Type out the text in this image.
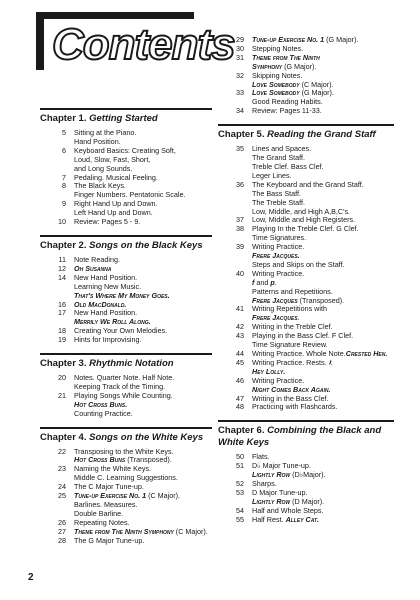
Contents
Chapter 1. Getting Started
5	Sitting at the Piano.
Hand Position.
6	Keyboard Basics: Creating Soft,
Loud, Slow, Fast, Short,
and Long Sounds.
7	Pedaling. Musical Feeling.
8	The Black Keys.
Finger Numbers. Pentatonic Scale.
9	Right Hand Up and Down.
Left Hand Up and Down.
10	Review: Pages 5 - 9.
Chapter 2. Songs on the Black Keys
11	Note Reading.
12	Oh Susanna
14	New Hand Position.
Learning New Music.
That's Where My Money Goes.
16	Old MacDonald.
17	New Hand Position.
Merrily We Roll Along.
18	Creating Your Own Melodies.
19	Hints for Improvising.
Chapter 3. Rhythmic Notation
20	Notes. Quarter Note. Half Note.
Keeping Track of the Timing.
21	Playing Songs While Counting.
Hot Cross Buns.
Counting Practice.
Chapter 4. Songs on the White Keys
22	Transposing to the White Keys.
Hot Cross Buns (Transposed).
23	Naming the White Keys.
Middle C. Learning Suggestions.
24	The C Major Tune-up.
25	Tune-up Exercise No. 1 (C Major).
Barlines. Measures.
Double Barline.
26	Repeating Notes.
27	Theme from The Ninth Symphony (C Major).
28	The G Major Tune-up.
29	Tune-up Exercise No. 1 (G Major).
30	Stepping Notes.
31	Theme from The Ninth
Symphony (G Major).
32	Skipping Notes.
Love Somebody (C Major).
33	Love Somebody (G Major).
Good Reading Habits.
34	Review: Pages 11-33.
Chapter 5. Reading the Grand Staff
35	Lines and Spaces.
The Grand Staff.
Treble Clef. Bass Clef.
Leger Lines.
36	The Keyboard and the Grand Staff.
The Bass Staff.
The Treble Staff.
Low, Middle, and High A,B,C's.
37	Low, Middle and High Registers.
38	Playing In the Treble Clef. G Clef.
Time Signatures.
39	Writing Practice.
Frere Jacques.
Steps and Skips on the Staff.
40	Writing Practice.
f and p.
Patterns and Repetitions.
Frere Jacques (Transposed).
41	Writing Repetitions with
Frere Jacques.
42	Writing in the Treble Clef.
43	Playing in the Bass Clef. F Clef.
Time Signature Review.
44	Writing Practice. Whole Note.Crested Hen.
45	Writing Practice. Rests. 𝄽.
Hey Lolly.
46	Writing Practice.
Night Comes Back Again.
47	Writing in the Bass Clef.
48	Practicing with Flashcards.
Chapter 6. Combining the Black and White Keys
50	Flats.
51	D♭ Major Tune-up.
Lightly Row (D♭Major).
52	Sharps.
53	D Major Tune-up.
Lightly Row (D Major).
54	Half and Whole Steps.
55	Half Rest. Alley Cat.
2
